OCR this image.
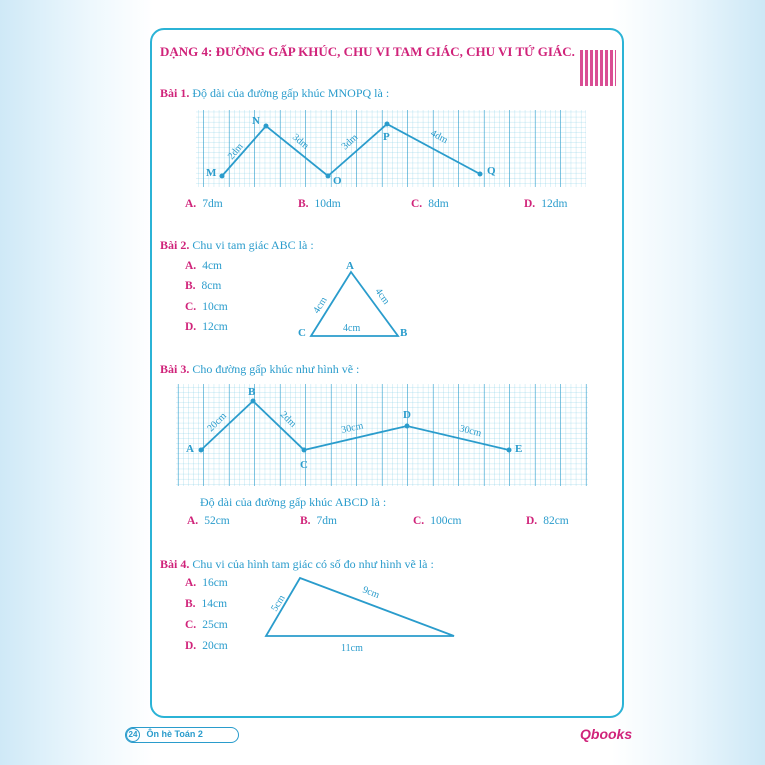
DẠNG 4: ĐƯỜNG GẤP KHÚC, CHU VI TAM GIÁC, CHU VI TỨ GIÁC.
Bài 1. Độ dài của đường gấp khúc MNOPQ là :
A. 7dm	B. 10dm	C. 8dm	D. 12dm
Bài 2. Chu vi tam giác ABC là :
A. 4cm
B. 8cm
C. 10cm
D. 12cm
Bài 3. Cho đường gấp khúc như hình vẽ :
Độ dài của đường gấp khúc ABCD là :
A. 52cm	B. 7dm	C. 100cm	D. 82cm
Bài 4. Chu vi của hình tam giác có số đo như hình vẽ là :
A. 16cm
B. 14cm
C. 25cm
D. 20cm
M
N
O
P
Q
2dm	3dm	3dm	4dm
A
B
C
4cm	4cm
4cm
A
B
C
D
E
20cm	2dm	30cm	30cm
5cm
9cm
11cm
24 Ôn hè Toán 2	Qbooks
